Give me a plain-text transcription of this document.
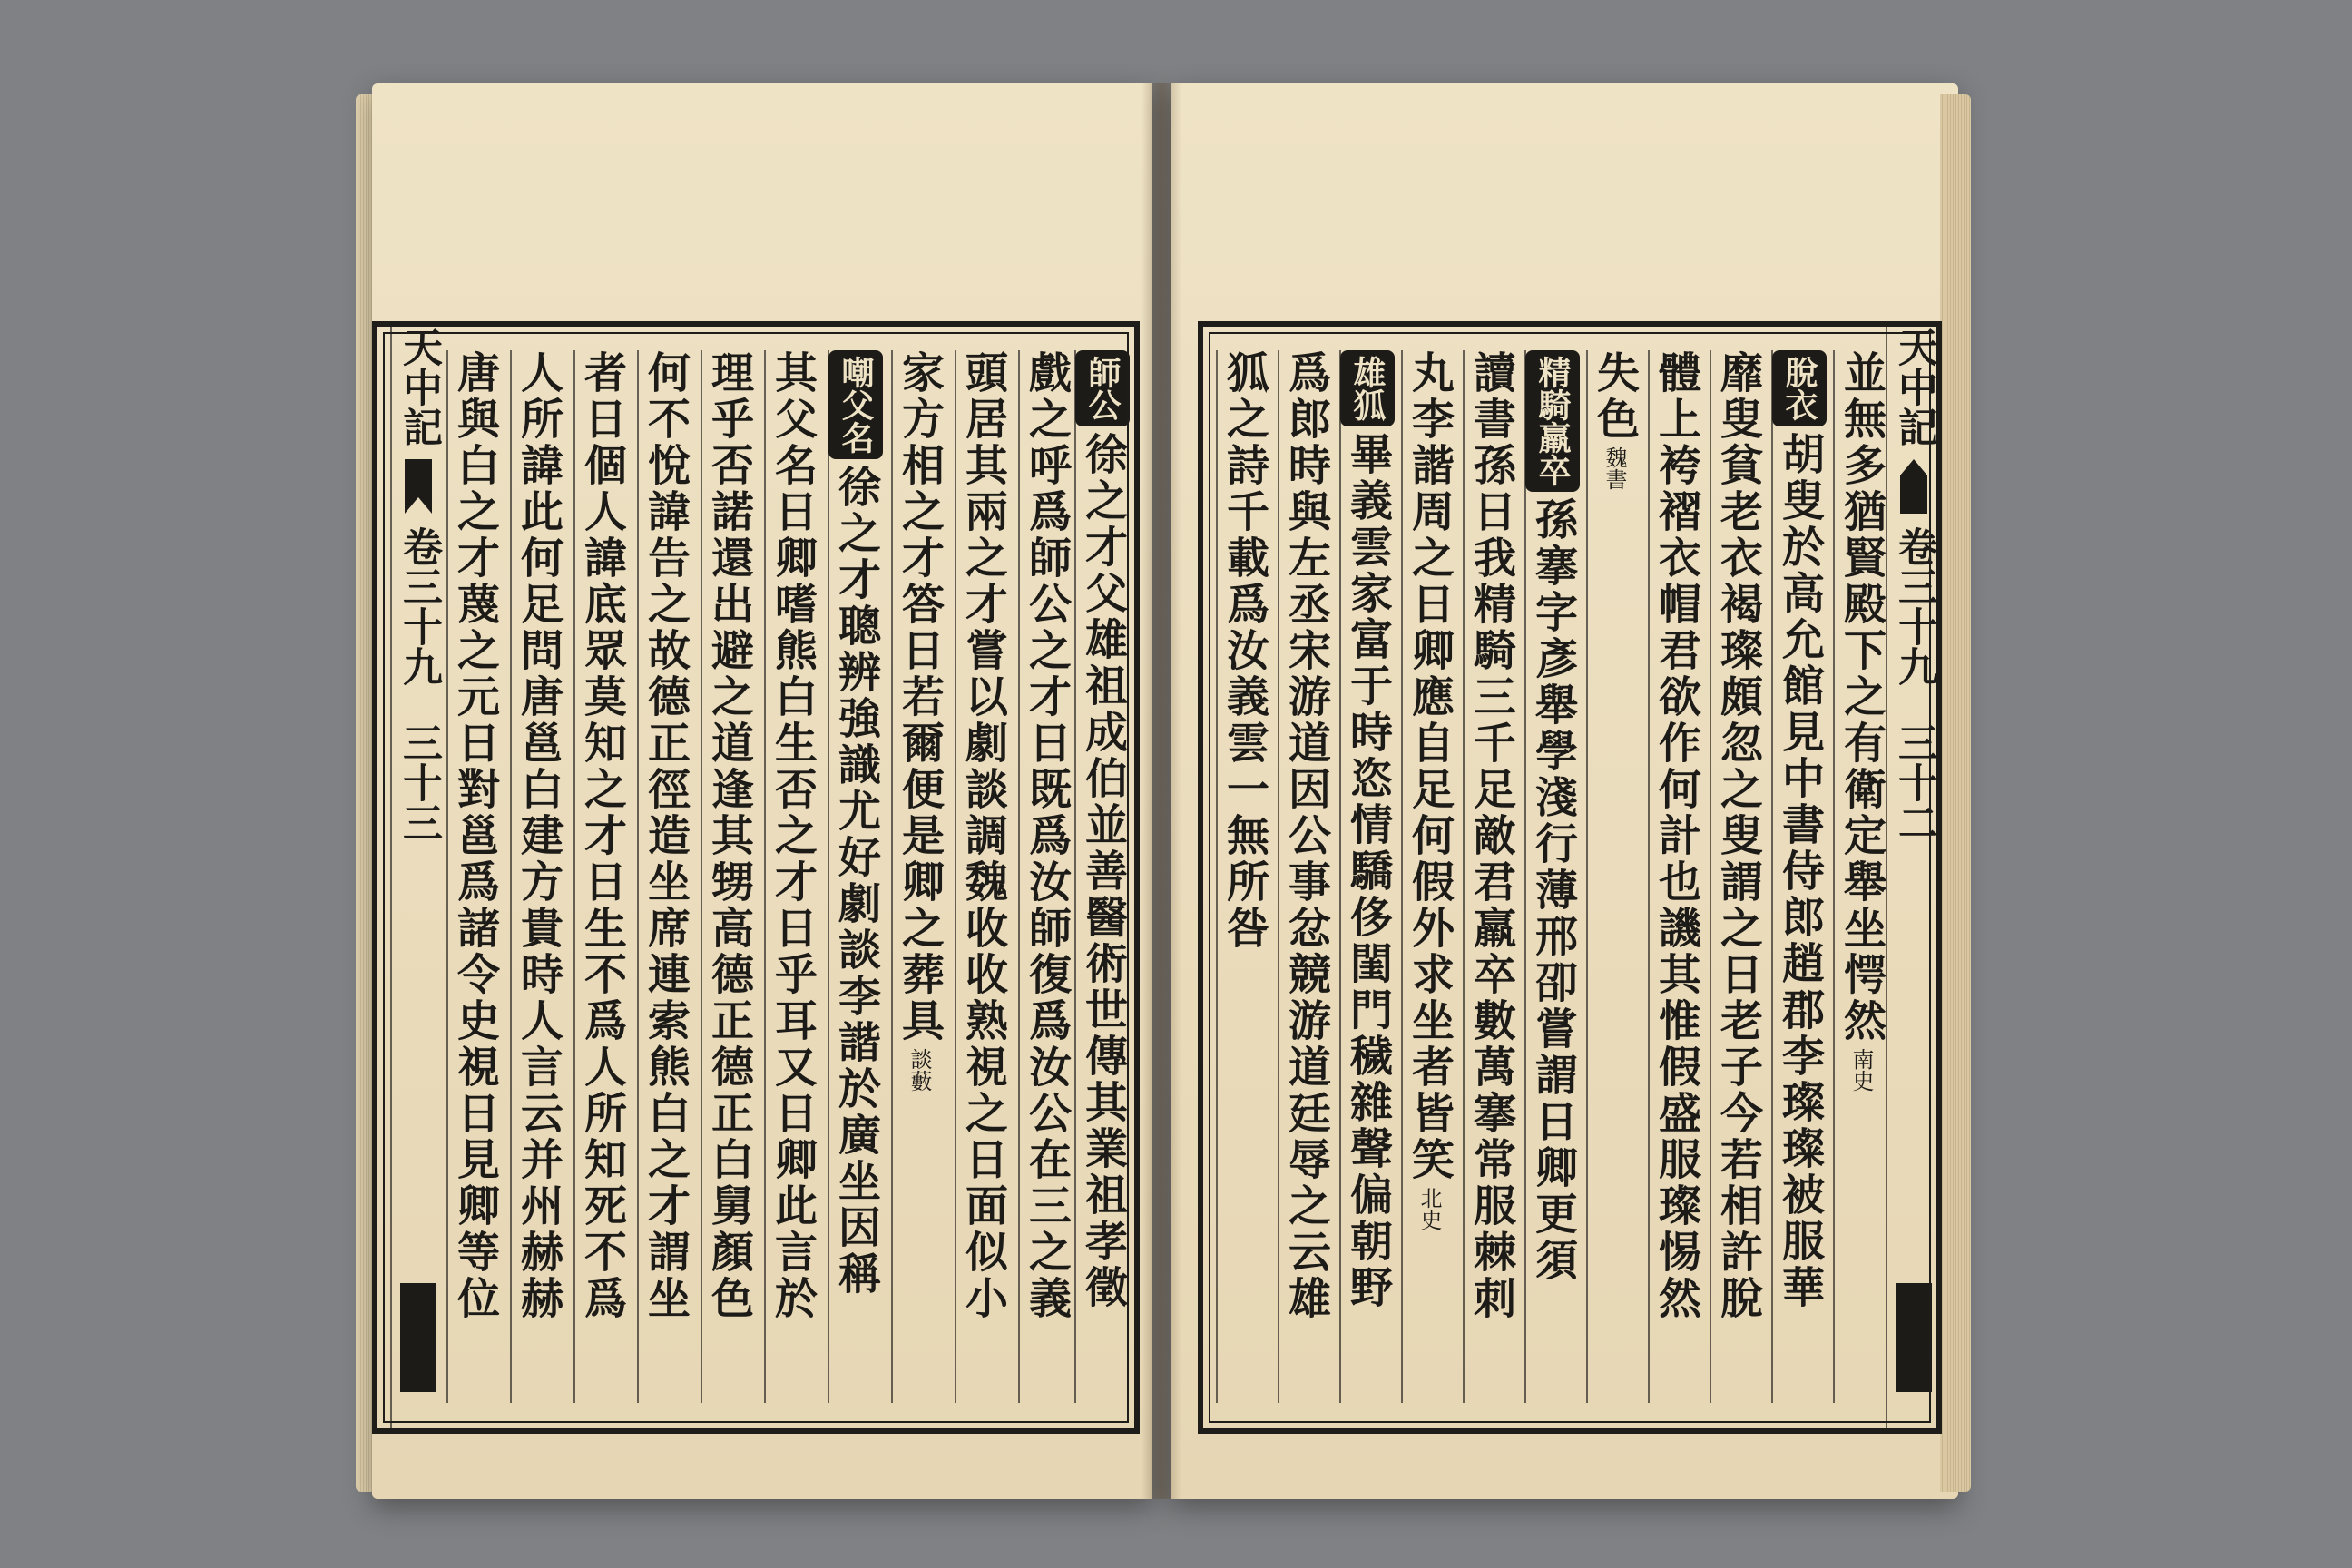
天中記
卷三十九
三十三 唐與白之才蔑之元日對邕爲諸令史視日見卿等位 人所諱此何足問唐邕白建方貴時人言云并州赫赫 者日個人諱底眾莫知之才日生不爲人所知死不爲 何不悅諱告之故德正徑造坐席連索熊白之才謂坐 理乎否諾還出避之道逢其甥高德正德正白舅顏色 其父名日卿嗜熊白生否之才日乎耳又日卿此言於 嘲父名
徐之才聰辨強識尤好劇談李諧於廣坐因稱 家方相之才答日若爾便是卿之葬具
談藪 頭居其兩之才嘗以劇談調魏收收熟視之日面似小 戲之呼爲師公之才日既爲汝師復爲汝公在三之義 師公
徐之才父雄祖成伯並善醫術世傳其業祖孝徵 狐之詩千載爲汝義雲一無所咎 爲郎時與左丞宋游道因公事忿競游道廷辱之云雄 雄狐
畢義雲家富于時恣情驕侈閨門穢雜聲偏朝野 丸李諧周之日卿應自足何假外求坐者皆笑
北史 讀書孫日我精騎三千足敵君羸卒數萬搴常服棘刺 精騎羸卒
孫搴字彥舉學淺行薄邢卲嘗謂日卿更須
失色
魏書 體上袴褶衣帽君欲作何計也譏其惟假盛服璨惕然 靡叟貧老衣褐璨頗忽之叟謂之日老子今若相許脫 脫衣
胡叟於高允館見中書侍郎趙郡李璨璨被服華 並無多猶賢殿下之有衛定舉坐愕然
南史
天中記
卷三十九
三十二
